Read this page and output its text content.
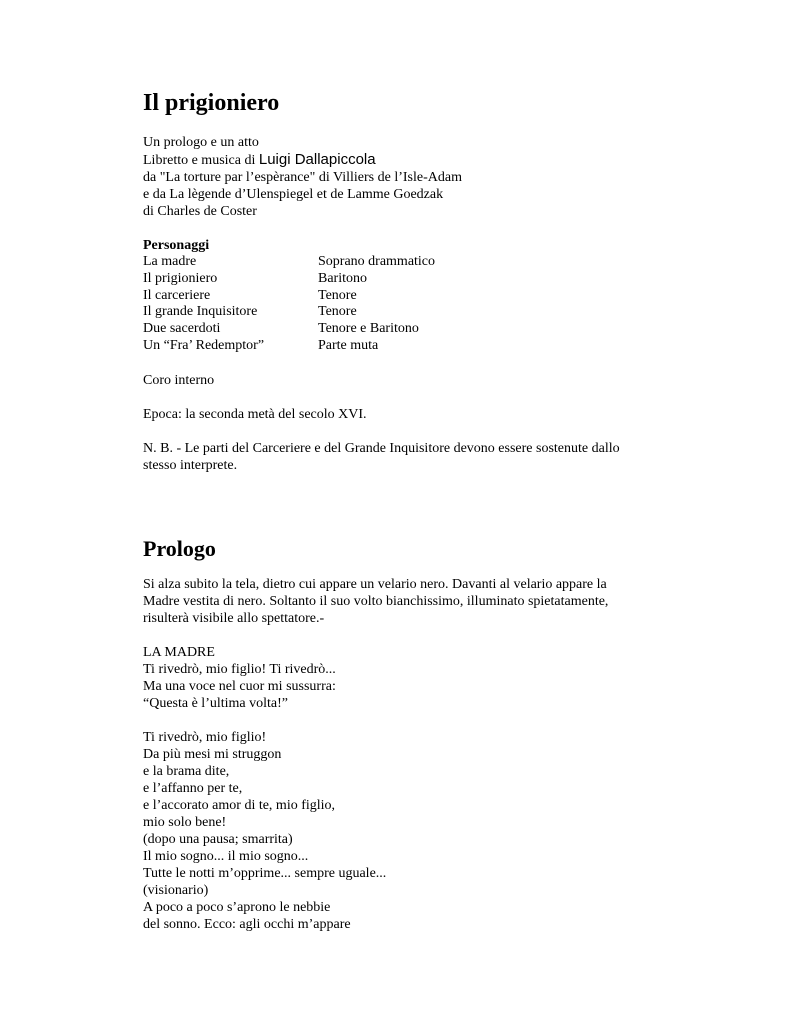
Il prigioniero

Un prologo e un atto

Libretto e musica di Luigi Dallapiccola

da "La torture par l’espèrance" di Villiers de l’Isle-Adam

e da La lègende d’Ulenspiegel et de Lamme Goedzak

di Charles de Coster

Personaggi

La madre	Soprano drammatico
Il prigioniero	Baritono
Il carceriere	Tenore
Il grande Inquisitore	Tenore
Due sacerdoti	Tenore e Baritono
Un “Fra’ Redemptor”	Parte muta

Coro interno

Epoca: la seconda metà del secolo XVI.

N. B. - Le parti del Carceriere e del Grande Inquisitore devono essere sostenute dallo

stesso interprete.

Prologo

Si alza subito la tela, dietro cui appare un velario nero. Davanti al velario appare la

Madre vestita di nero. Soltanto il suo volto bianchissimo, illuminato spietatamente,

risulterà visibile allo spettatore.-

LA MADRE

Ti rivedrò, mio figlio! Ti rivedrò...

Ma una voce nel cuor mi sussurra:

“Questa è l’ultima volta!”

Ti rivedrò, mio figlio!

Da più mesi mi struggon

e la brama dite,

e l’affanno per te,

e l’accorato amor di te, mio figlio,

mio solo bene!

(dopo una pausa; smarrita)

Il mio sogno... il mio sogno...

Tutte le notti m’opprime... sempre uguale...

(visionario)

A poco a poco s’aprono le nebbie

del sonno. Ecco: agli occhi m’appare
